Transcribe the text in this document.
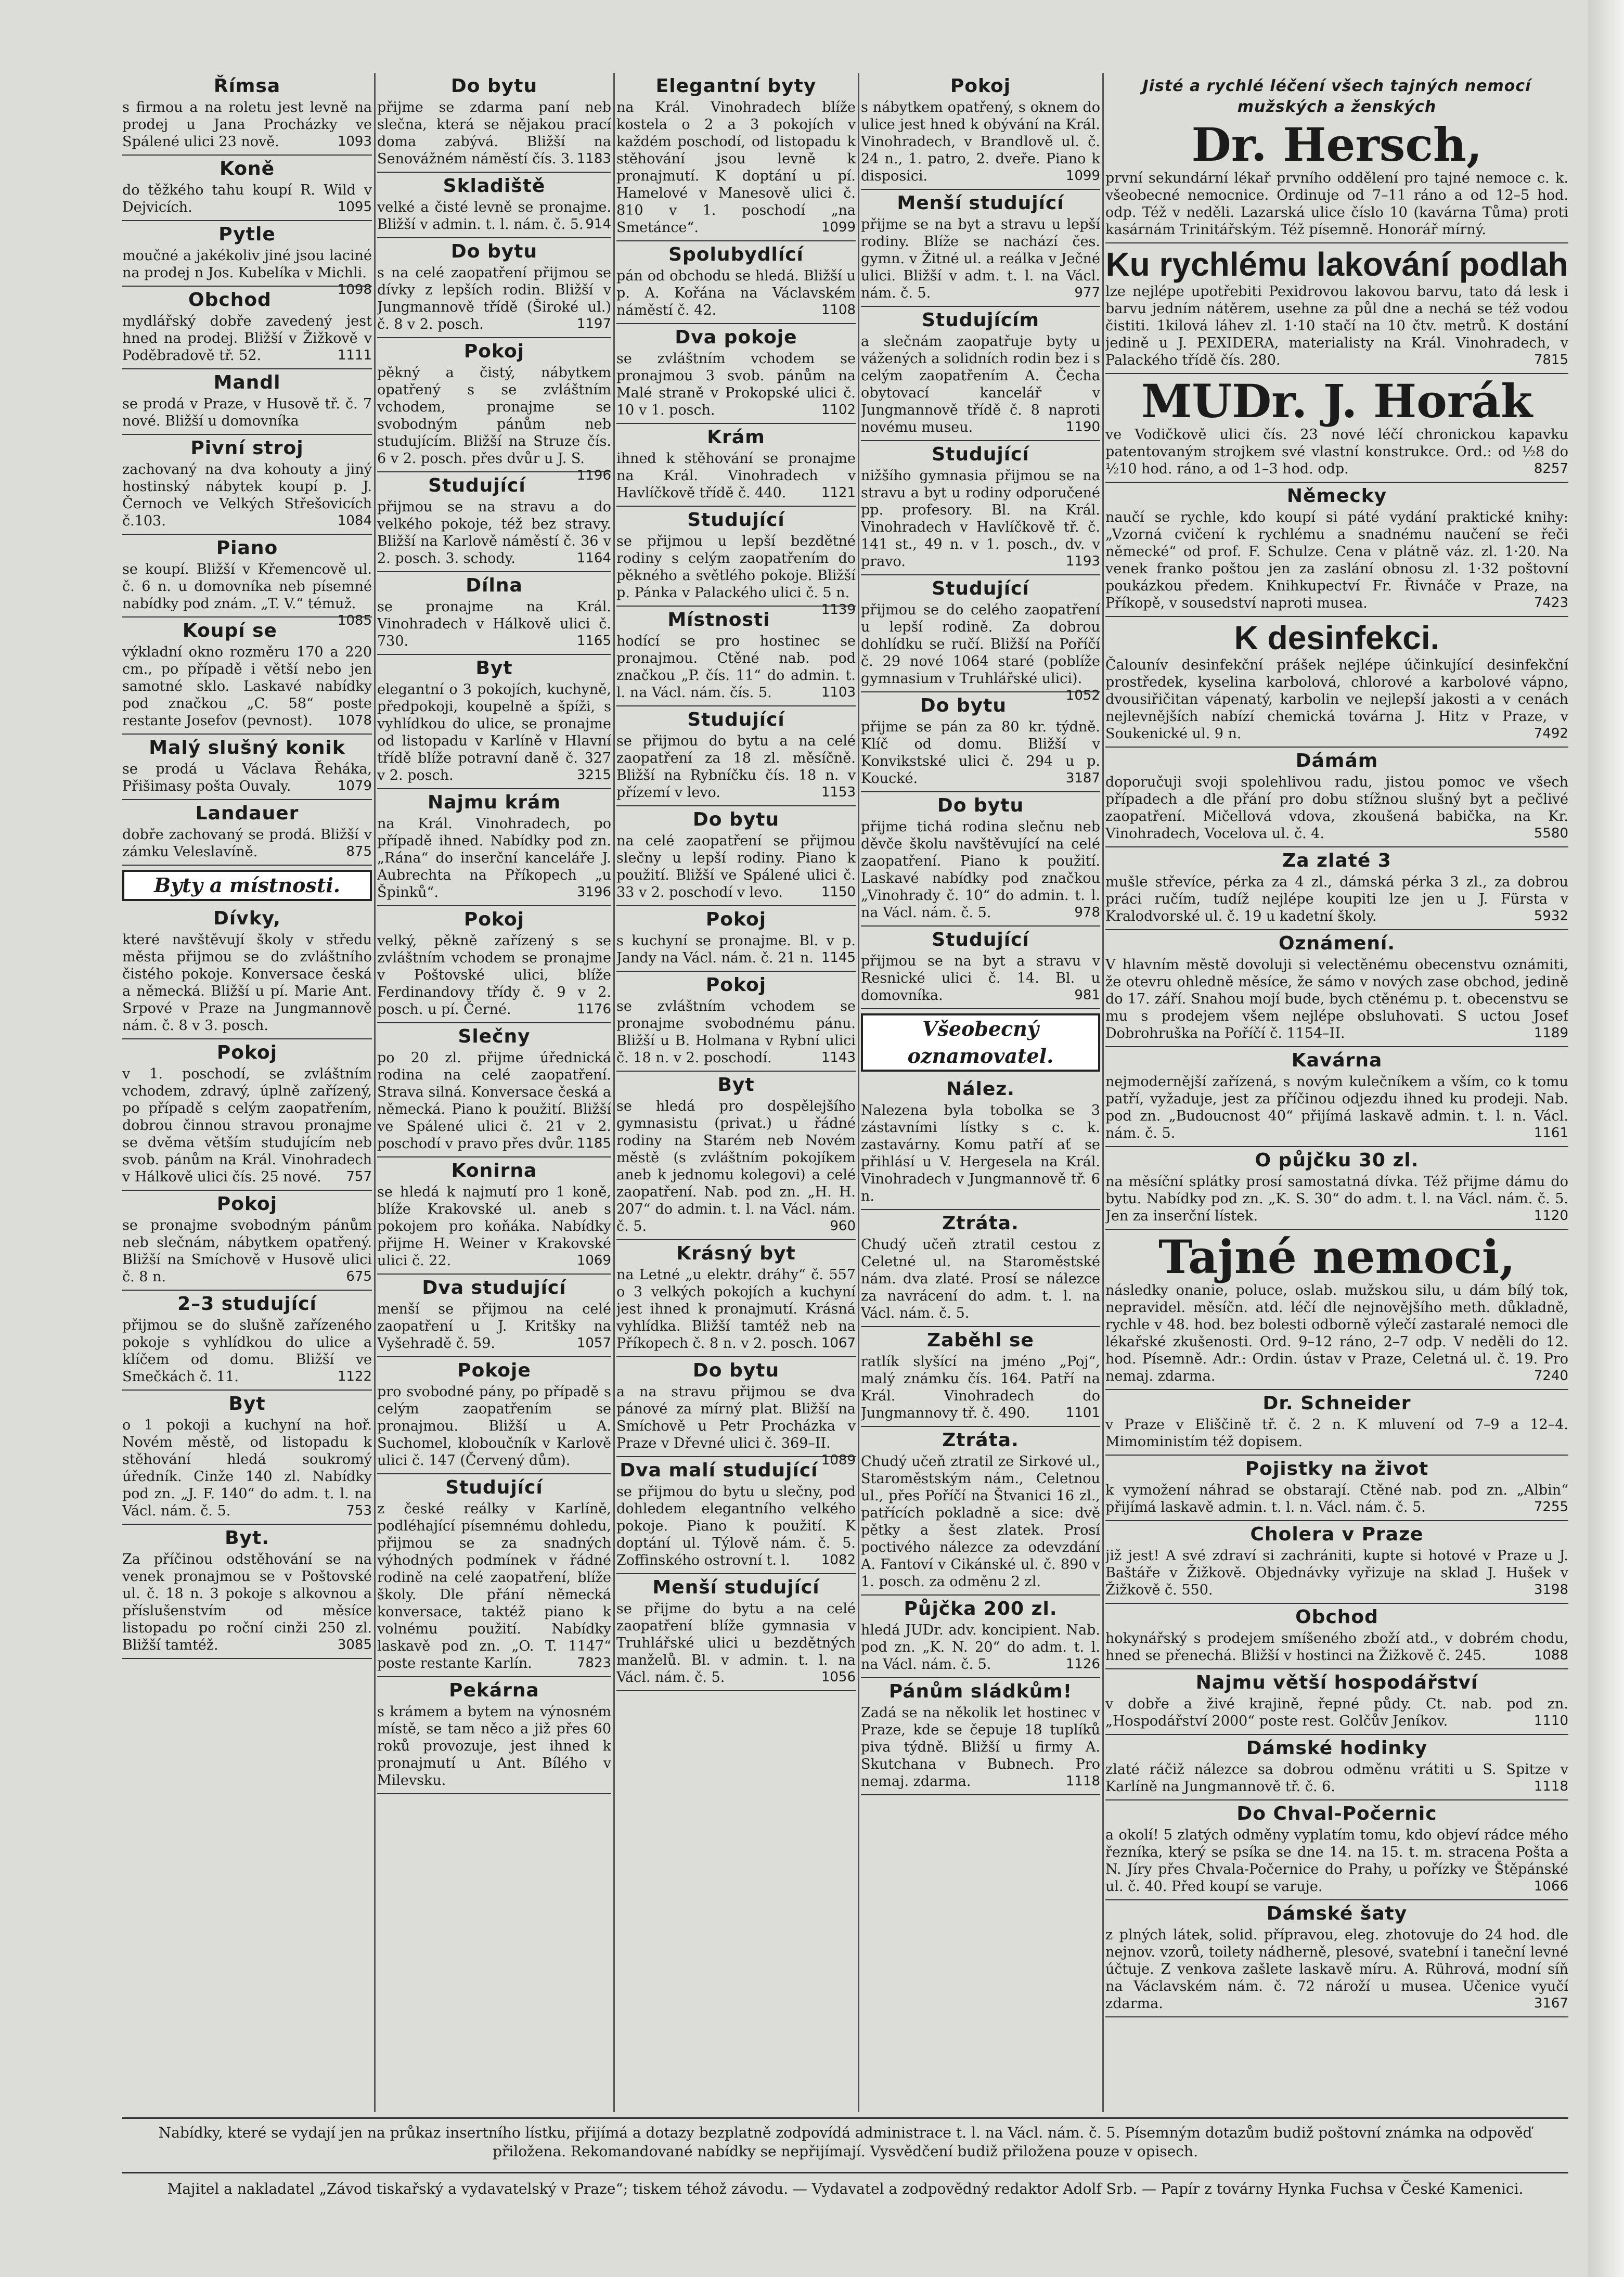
Římsa

s firmou a na roletu jest levně na prodej u Jana Procházky ve Spálené ulici 23 nově.	1093

Koně

do těžkého tahu koupí R. Wild v Dejvicích.	1095

Pytle

moučné a jakékoliv jiné jsou laciné na prodej n Jos. Kubelíka v Michli.
1098

Obchod

mydlářský dobře zavedený jest hned na prodej. Bližší v Žižkově v Poděbradově tř. 52.	1111

Mandl

se prodá v Praze, v Husově tř. č. 7 nové. Bližší u domovníka

Pivní stroj

zachovaný na dva kohouty a jiný hostinský nábytek koupí p. J. Černoch ve Velkých Střešovicích č.103.	1084

Piano

se koupí. Bližší v Křemencově ul. č. 6 n. u domovníka neb písemné nabídky pod znám. „T. V.“ témuž.
1085

Koupí se

výkladní okno rozměru 170 a 220 cm., po případě i větší nebo jen samotné sklo. Laskavé nabídky pod značkou „C. 58“ poste restante Josefov (pevnost). 1078

Malý slušný konik

se prodá u Václava Řeháka, Přišimasy pošta Ouvaly.	1079

Landauer

dobře zachovaný se prodá. Bližší v zámku Veleslavíně.	875

Byty a místnosti.
Dívky,

které navštěvují školy v středu města přijmou se do zvláštního čistého pokoje. Konversace česká a německá. Bližší u pí. Marie Ant. Srpové v Praze na Jungmannově nám. č. 8 v 3. posch.

Pokoj

v 1. poschodí, se zvláštním vchodem, zdravý, úplně zařízený, po případě s celým zaopatřením, dobrou činnou stravou pronajme se dvěma větším studujícím neb svob. pánům na Král. Vinohradech v Hálkově ulici čís. 25 nové. 757

Pokoj

se pronajme svobodným pánům neb slečnám, nábytkem opatřený. Bližší na Smíchově v Husově ulici č. 8 n.	675

2–3 studující

přijmou se do slušně zařízeného pokoje s vyhlídkou do ulice a klíčem od domu. Bližší ve Smečkách č. 11.	1122

Byt

o 1 pokoji a kuchyní na hoř. Novém městě, od listopadu k stěhování hledá soukromý úředník. Cinže 140 zl. Nabídky pod zn. „J. F. 140“ do adm. t. l. na Václ. nám. č. 5.	753

Byt.

Za příčinou odstěhování se na venek pronajmou se v Poštovské ul. č. 18 n. 3 pokoje s alkovnou a příslušenstvím od měsíce listopadu po roční cinži 250 zl. Bližší tamtéž.	3085

Do bytu

přijme se zdarma paní neb slečna, která se nějakou prací doma zabývá. Bližší na Senovážném náměstí čís. 3. 1183

Skladiště

velké a čisté levně se pronajme. Bližší v admin. t. l. nám. č. 5. 914

Do bytu

s na celé zaopatření přijmou se dívky z lepších rodin. Bližší v Jungmannově třídě (Široké ul.) č. 8 v 2. posch.	1197

Pokoj

pěkný a čistý, nábytkem opatřený s se zvláštním vchodem, pronajme se svobodným pánům neb studujícím. Bližší na Struze čís. 6 v 2. posch. přes dvůr u J. S.
1196

Studující

přijmou se na stravu a do velkého pokoje, též bez stravy. Bližší na Karlově náměstí č. 36 v 2. posch. 3. schody.	1164

Dílna

se pronajme na Král. Vinohradech v Hálkově ulici č. 730.	1165

Byt

elegantní o 3 pokojích, kuchyně, předpokoji, koupelně a špíži, s vyhlídkou do ulice, se pronajme od listopadu v Karlíně v Hlavní třídě blíže potravní daně č. 327 v 2. posch.	3215

Najmu krám

na Král. Vinohradech, po případě ihned. Nabídky pod zn. „Rána“ do inserční kanceláře J. Aubrechta na Příkopech „u Špinků“.	3196

Pokoj

velký, pěkně zařízený s se zvláštním vchodem se pronajme v Poštovské ulici, blíže Ferdinandovy třídy č. 9 v 2. posch. u pí. Černé.	1176

Slečny

po 20 zl. přijme úřednická rodina na celé zaopatření. Strava silná. Konversace česká a německá. Piano k použití. Bližší ve Spálené ulici č. 21 v 2. poschodí v pravo přes dvůr. 1185

Konirna

se hledá k najmutí pro 1 koně, blíže Krakovské ul. aneb s pokojem pro koňáka. Nabídky přijme H. Weiner v Krakovské ulici č. 22.	1069

Dva studující

menší se přijmou na celé zaopatření u J. Kritšky na Vyšehradě č. 59.	1057

Pokoje

pro svobodné pány, po případě s celým zaopatřením se pronajmou. Bližší u A. Suchomel, kloboučník v Karlově ulici č. 147 (Červený dům).

Studující

z české reálky v Karlíně, podléhající písemnému dohledu, přijmou se za snadných výhodných podmínek v řádné rodině na celé zaopatření, blíže školy. Dle přání německá konversace, taktéž piano k volnému použití. Nabídky laskavě pod zn. „O. T. 1147“ poste restante Karlín.	7823

Pekárna

s krámem a bytem na výnosném místě, se tam něco a již přes 60 roků provozuje, jest ihned k pronajmutí u Ant. Bílého v Milevsku.

Elegantní byty

na Král. Vinohradech blíže kostela o 2 a 3 pokojích v každém poschodí, od listopadu k stěhování jsou levně k pronajmutí. K doptání u pí. Hamelové v Manesově ulici č. 810 v 1. poschodí „na Smetánce“.	1099

Spolubydlící

pán od obchodu se hledá. Bližší u p. A. Kořána na Václavském náměstí č. 42.	1108

Dva pokoje

se zvláštním vchodem se pronajmou 3 svob. pánům na Malé straně v Prokopské ulici č. 10 v 1. posch.	1102

Krám

ihned k stěhování se pronajme na Král. Vinohradech v Havlíčkově třídě č. 440.	1121

Studující

se přijmou u lepší bezdětné rodiny s celým zaopatřením do pěkného a světlého pokoje. Bližší p. Pánka v Palackého ulici č. 5 n.
1139

Místnosti

hodící se pro hostinec se pronajmou. Ctěné nab. pod značkou „P. čís. 11“ do admin. t. l. na Václ. nám. čís. 5.	1103

Studující

se přijmou do bytu a na celé zaopatření za 18 zl. měsíčně. Bližší na Rybníčku čís. 18 n. v přízemí v levo.	1153

Do bytu

na celé zaopatření se přijmou slečny u lepší rodiny. Piano k použití. Bližší ve Spálené ulici č. 33 v 2. poschodí v levo.	1150

Pokoj

s kuchyní se pronajme. Bl. v p. Jandy na Václ. nám. č. 21 n. 1145

Pokoj

se zvláštním vchodem se pronajme svobodnému pánu. Bližší u B. Holmana v Rybní ulici č. 18 n. v 2. poschodí.	1143

Byt

se hledá pro dospělejšího gymnasistu (privat.) u řádné rodiny na Starém neb Novém městě (s zvláštním pokojíkem aneb k jednomu kolegovi) a celé zaopatření. Nab. pod zn. „H. H. 207“ do admin. t. l. na Václ. nám. č. 5.	960

Krásný byt

na Letné „u elektr. dráhy“ č. 557 o 3 velkých pokojích a kuchyní jest ihned k pronajmutí. Krásná vyhlídka. Bližší tamtéž neb na Příkopech č. 8 n. v 2. posch. 1067

Do bytu

a na stravu přijmou se dva pánové za mírný plat. Bližší na Smíchově u Petr Procházka v Praze v Dřevné ulici č. 369–II.
1089

Dva malí studující

se přijmou do bytu u slečny, pod dohledem elegantního velkého pokoje. Piano k použití. K doptání ul. Týlově nám. č. 5. Zoffinského ostrovní t. l. 1082

Menší studující

se přijme do bytu a na celé zaopatření blíže gymnasia v Truhlářské ulici u bezdětných manželů. Bl. v admin. t. l. na Václ. nám. č. 5.	1056

Pokoj

s nábytkem opatřený, s oknem do ulice jest hned k obývání na Král. Vinohradech, v Brandlově ul. č. 24 n., 1. patro, 2. dveře. Piano k disposici.	1099

Menší studující

přijme se na byt a stravu u lepší rodiny. Blíže se nachází čes. gymn. v Žitné ul. a reálka v Ječné ulici. Bližší v adm. t. l. na Václ. nám. č. 5.	977

Studujícím

a slečnám zaopatřuje byty u vážených a solidních rodin bez i s celým zaopatřením A. Čecha obytovací kancelář v Jungmannově třídě č. 8 naproti novému museu.	1190

Studující

nižšího gymnasia přijmou se na stravu a byt u rodiny odporučené pp. profesory. Bl. na Král. Vinohradech v Havlíčkově tř. č. 141 st., 49 n. v 1. posch., dv. v pravo.	1193

Studující

přijmou se do celého zaopatření u lepší rodině. Za dobrou dohlídku se ručí. Bližší na Poříčí č. 29 nové 1064 staré (poblíže gymnasium v Truhlářské ulici).
1052

Do bytu

přijme se pán za 80 kr. týdně. Klíč od domu. Bližší v Konvikstské ulici č. 294 u p. Koucké.	3187

Do bytu

přijme tichá rodina slečnu neb děvče školu navštěvující na celé zaopatření. Piano k použití. Laskavé nabídky pod značkou „Vinohrady č. 10“ do admin. t. l. na Václ. nám. č. 5.	978

Studující

přijmou se na byt a stravu v Resnické ulici č. 14. Bl. u domovníka.	981

Všeobecný oznamovatel.
Nález.

Nalezena byla tobolka se 3 zástavními lístky s c. k. zastavárny. Komu patří ať se přihlásí u V. Hergesela na Král. Vinohradech v Jungmannově tř. 6 n.

Ztráta.

Chudý učeň ztratil cestou z Celetné ul. na Staroměstské nám. dva zlaté. Prosí se nálezce za navrácení do adm. t. l. na Václ. nám. č. 5.

Zaběhl se

ratlík slyšící na jméno „Poj“, malý známku čís. 164. Patří na Král. Vinohradech do Jungmannovy tř. č. 490.	1101

Ztráta.

Chudý učeň ztratil ze Sirkové ul., Staroměstským nám., Celetnou ul., přes Poříčí na Štvanici 16 zl., patřících pokladně a sice: dvě pětky a šest zlatek. Prosí poctivého nálezce za odevzdání A. Fantoví v Cikánské ul. č. 890 v 1. posch. za odměnu 2 zl.

Půjčka 200 zl.

hledá JUDr. adv. koncipient. Nab. pod zn. „K. N. 20“ do adm. t. l. na Václ. nám. č. 5.	1126

Pánům sládkům!

Zadá se na několik let hostinec v Praze, kde se čepuje 18 tuplíků piva týdně. Bližší u firmy A. Skutchana v Bubnech. Pro nemaj. zdarma.	1118

Jisté a rychlé léčení všech tajných nemocí mužských a ženských
Dr. Hersch,

první sekundární lékař prvního oddělení pro tajné nemoce c. k. všeobecné nemocnice. Ordinuje od 7–11 ráno a od 12–5 hod. odp. Též v neděli. Lazarská ulice číslo 10 (kavárna Tůma) proti kasárnám Trinitářským. Též písemně. Honorář mírný.

Ku rychlému lakování podlah

lze nejlépe upotřebiti Pexidrovou lakovou barvu, tato dá lesk i barvu jedním nátěrem, usehne za půl dne a nechá se též vodou čistiti. 1kilová láhev zl. 1·10 stačí na 10 čtv. metrů. K dostání jedině u J. PEXIDERA, materialisty na Král. Vinohradech, v Palackého třídě čís. 280.	7815

MUDr. J. Horák

ve Vodičkově ulici čís. 23 nové léčí chronickou kapavku patentovaným strojkem své vlastní konstrukce. Ord.: od ½8 do ½10 hod. ráno, a od 1–3 hod. odp.	8257

Německy

naučí se rychle, kdo koupí si páté vydání praktické knihy: „Vzorná cvičení k rychlému a snadnému naučení se řeči německé“ od prof. F. Schulze. Cena v plátně váz. zl. 1·20. Na venek franko poštou jen za zaslání obnosu zl. 1·32 poštovní poukázkou předem. Knihkupectví Fr. Řivnáče v Praze, na Příkopě, v sousedství naproti musea.	7423

K desinfekci.

Čalounív desinfekční prášek nejlépe účinkující desinfekční prostředek, kyselina karbolová, chlorové a karbolové vápno, dvousiřičitan vápenatý, karbolin ve nejlepší jakosti a v cenách nejlevnějších nabízí chemická továrna J. Hitz v Praze, v Soukenické ul. 9 n.	7492

Dámám

doporučuji svoji spolehlivou radu, jistou pomoc ve všech případech a dle přání pro dobu stížnou slušný byt a pečlivé zaopatření. Mičellová vdova, zkoušená babička, na Kr. Vinohradech, Vocelova ul. č. 4.	5580

Za zlaté 3

mušle střevíce, pérka za 4 zl., dámská pérka 3 zl., za dobrou práci ručím, tudíž nejlépe koupiti lze jen u J. Fürsta v Kralodvorské ul. č. 19 u kadetní školy.	5932

Oznámení.

V hlavním městě dovoluji si velectěnému obecenstvu oznámiti, že otevru ohledně měsíce, že sámo v nových zase obchod, jedině do 17. září. Snahou mojí bude, bych ctěnému p. t. obecenstvu se mu s prodejem všem nejlépe obsluhovati. S uctou Josef Dobrohruška na Poříčí č. 1154–II.	1189

Kavárna

nejmodernější zařízená, s novým kulečníkem a vším, co k tomu patří, vyžaduje, jest za příčinou odjezdu ihned ku prodeji. Nab. pod zn. „Budoucnost 40“ přijímá laskavě admin. t. l. n. Václ. nám. č. 5.	1161

O půjčku 30 zl.

na měsíční splátky prosí samostatná dívka. Též přijme dámu do bytu. Nabídky pod zn. „K. S. 30“ do adm. t. l. na Václ. nám. č. 5. Jen za inserční lístek.	1120

Tajné nemoci,

následky onanie, poluce, oslab. mužskou silu, u dám bílý tok, nepravidel. měsíčn. atd. léčí dle nejnovějšího meth. důkladně, rychle v 48. hod. bez bolesti odborně výlečí zastaralé nemoci dle lékařské zkušenosti. Ord. 9–12 ráno, 2–7 odp. V neděli do 12. hod. Písemně. Adr.: Ordin. ústav v Praze, Celetná ul. č. 19. Pro nemaj. zdarma.	7240

Dr. Schneider

v Praze v Eliščině tř. č. 2 n. K mluvení od 7–9 a 12–4. Mimoministím též dopisem.

Pojistky na život

k vymožení náhrad se obstarají. Ctěné nab. pod zn. „Albin“ přijímá laskavě admin. t. l. n. Václ. nám. č. 5.	7255

Cholera v Praze

již jest! A své zdraví si zachrániti, kupte si hotové v Praze u J. Baštáře v Žižkově. Objednávky vyřizuje na sklad J. Hušek v Žižkově č. 550.	3198

Obchod

hokynářský s prodejem smíšeného zboží atd., v dobrém chodu, hned se přenechá. Bližší v hostinci na Žižkově č. 245.	1088

Najmu větší hospodářství

v dobře a živé krajině, řepné půdy. Ct. nab. pod zn. „Hospodářství 2000“ poste rest. Golčův Jeníkov.	1110

Dámské hodinky

zlaté ráčiž nálezce sa dobrou odměnu vrátiti u S. Spitze v Karlíně na Jungmannově tř. č. 6.	1118

Do Chval-Počernic

a okolí! 5 zlatých odměny vyplatím tomu, kdo objeví rádce mého řezníka, který se psíka se dne 14. na 15. t. m. stracena Pošta a N. Jíry přes Chvala-Počernice do Prahy, u pořízky ve Štěpánské ul. č. 40. Před koupí se varuje.	1066

Dámské šaty

z plných látek, solid. přípravou, eleg. zhotovuje do 24 hod. dle nejnov. vzorů, toilety nádherně, plesové, svatební i taneční levné účtuje. Z venkova zašlete laskavě míru. A. Rührová, modní síň na Václavském nám. č. 72 nároží u musea. Učenice vyučí zdarma.	3167

Nabídky, které se vydají jen na průkaz insertního lístku, přijímá a dotazy bezplatně zodpovídá administrace t. l. na Václ. nám. č. 5. Písemným dotazům budiž poštovní známka na odpověď přiložena. Rekomandované nabídky se nepřijímají. Vysvědčení budiž přiložena pouze v opisech.
Majitel a nakladatel „Závod tiskařský a vydavatelský v Praze“; tiskem téhož závodu. — Vydavatel a zodpovědný redaktor Adolf Srb. — Papír z továrny Hynka Fuchsa v České Kamenici.
